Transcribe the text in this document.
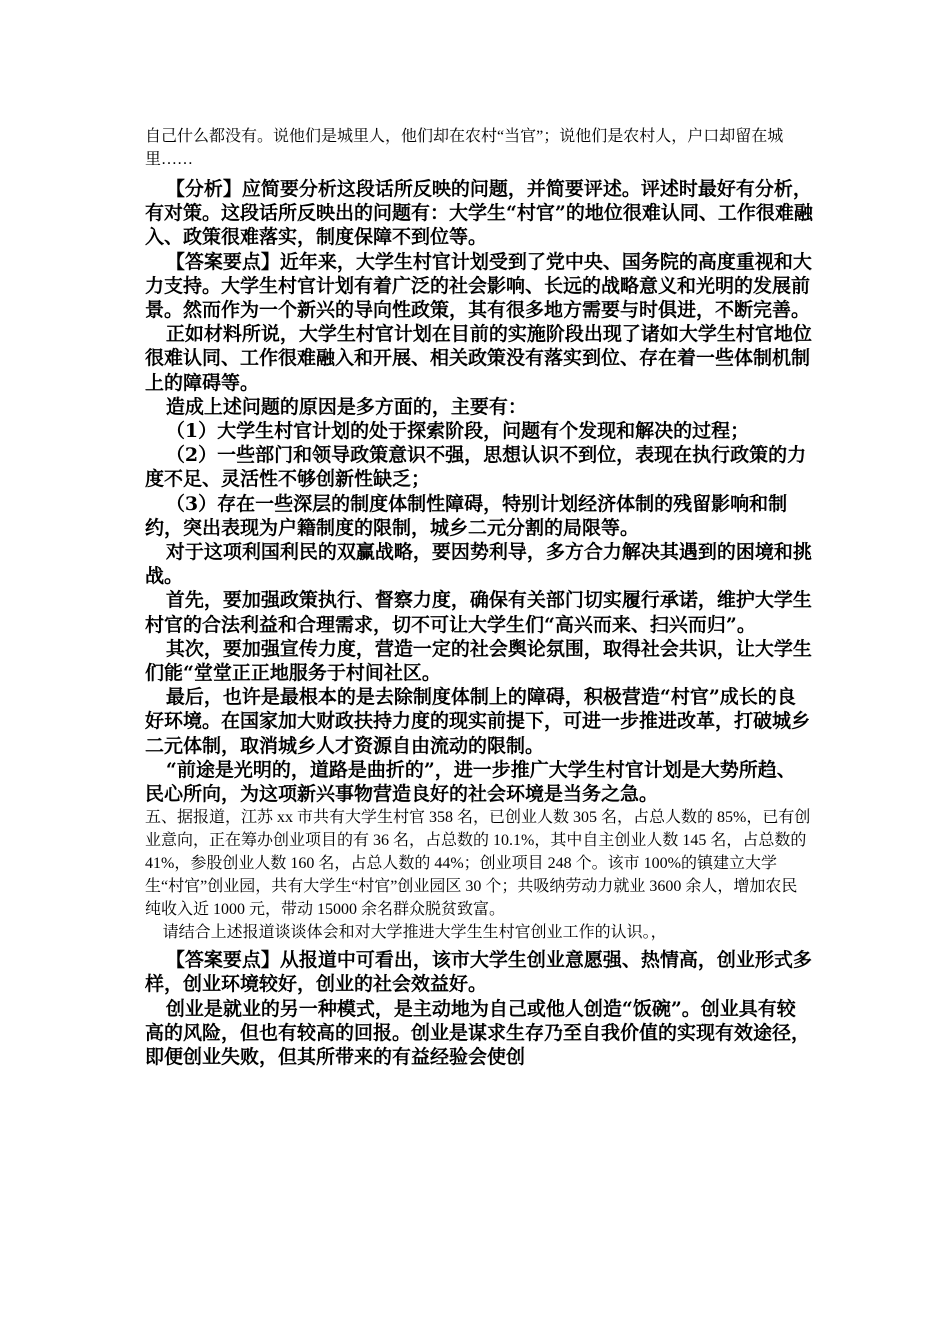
自己什么都没有。说他们是城里人，他们却在农村“当官”；说他们是农村人，户口却留在城里……

【分析】应简要分析这段话所反映的问题，并简要评述。评述时最好有分析，有对策。这段话所反映出的问题有：大学生“村官”的地位很难认同、工作很难融入、政策很难落实，制度保障不到位等。

【答案要点】近年来，大学生村官计划受到了党中央、国务院的高度重视和大力支持。大学生村官计划有着广泛的社会影响、长远的战略意义和光明的发展前景。然而作为一个新兴的导向性政策，其有很多地方需要与时俱进，不断完善。

正如材料所说，大学生村官计划在目前的实施阶段出现了诸如大学生村官地位很难认同、工作很难融入和开展、相关政策没有落实到位、存在着一些体制机制上的障碍等。

造成上述问题的原因是多方面的，主要有：

（1）大学生村官计划的处于探索阶段，问题有个发现和解决的过程；

（2）一些部门和领导政策意识不强，思想认识不到位，表现在执行政策的力度不足、灵活性不够创新性缺乏；

（3）存在一些深层的制度体制性障碍，特别计划经济体制的残留影响和制约，突出表现为户籍制度的限制，城乡二元分割的局限等。

对于这项利国利民的双赢战略，要因势利导，多方合力解决其遇到的困境和挑战。

首先，要加强政策执行、督察力度，确保有关部门切实履行承诺，维护大学生村官的合法利益和合理需求，切不可让大学生们“高兴而来、扫兴而归”。

其次，要加强宣传力度，营造一定的社会舆论氛围，取得社会共识，让大学生们能“堂堂正正地服务于村间社区。

最后，也许是最根本的是去除制度体制上的障碍，积极营造“村官”成长的良好环境。在国家加大财政扶持力度的现实前提下，可进一步推进改革，打破城乡二元体制，取消城乡人才资源自由流动的限制。

“前途是光明的，道路是曲折的”，进一步推广大学生村官计划是大势所趋、民心所向，为这项新兴事物营造良好的社会环境是当务之急。

五、据报道，江苏 xx 市共有大学生村官 358 名，已创业人数 305 名，占总人数的 85%，已有创业意向，正在筹办创业项目的有 36 名，占总数的 10.1%，其中自主创业人数 145 名，占总数的 41%，参股创业人数 160 名，占总人数的 44%；创业项目 248 个。该市 100%的镇建立大学生“村官”创业园，共有大学生“村官”创业园区 30 个；共吸纳劳动力就业 3600 余人，增加农民纯收入近 1000 元，带动 15000 余名群众脱贫致富。

请结合上述报道谈谈体会和对大学推进大学生生村官创业工作的认识。，

【答案要点】从报道中可看出，该市大学生创业意愿强、热情高，创业形式多样，创业环境较好，创业的社会效益好。

创业是就业的另一种模式，是主动地为自己或他人创造“饭碗”。创业具有较高的风险，但也有较高的回报。创业是谋求生存乃至自我价值的实现有效途径，即便创业失败，但其所带来的有益经验会使创
